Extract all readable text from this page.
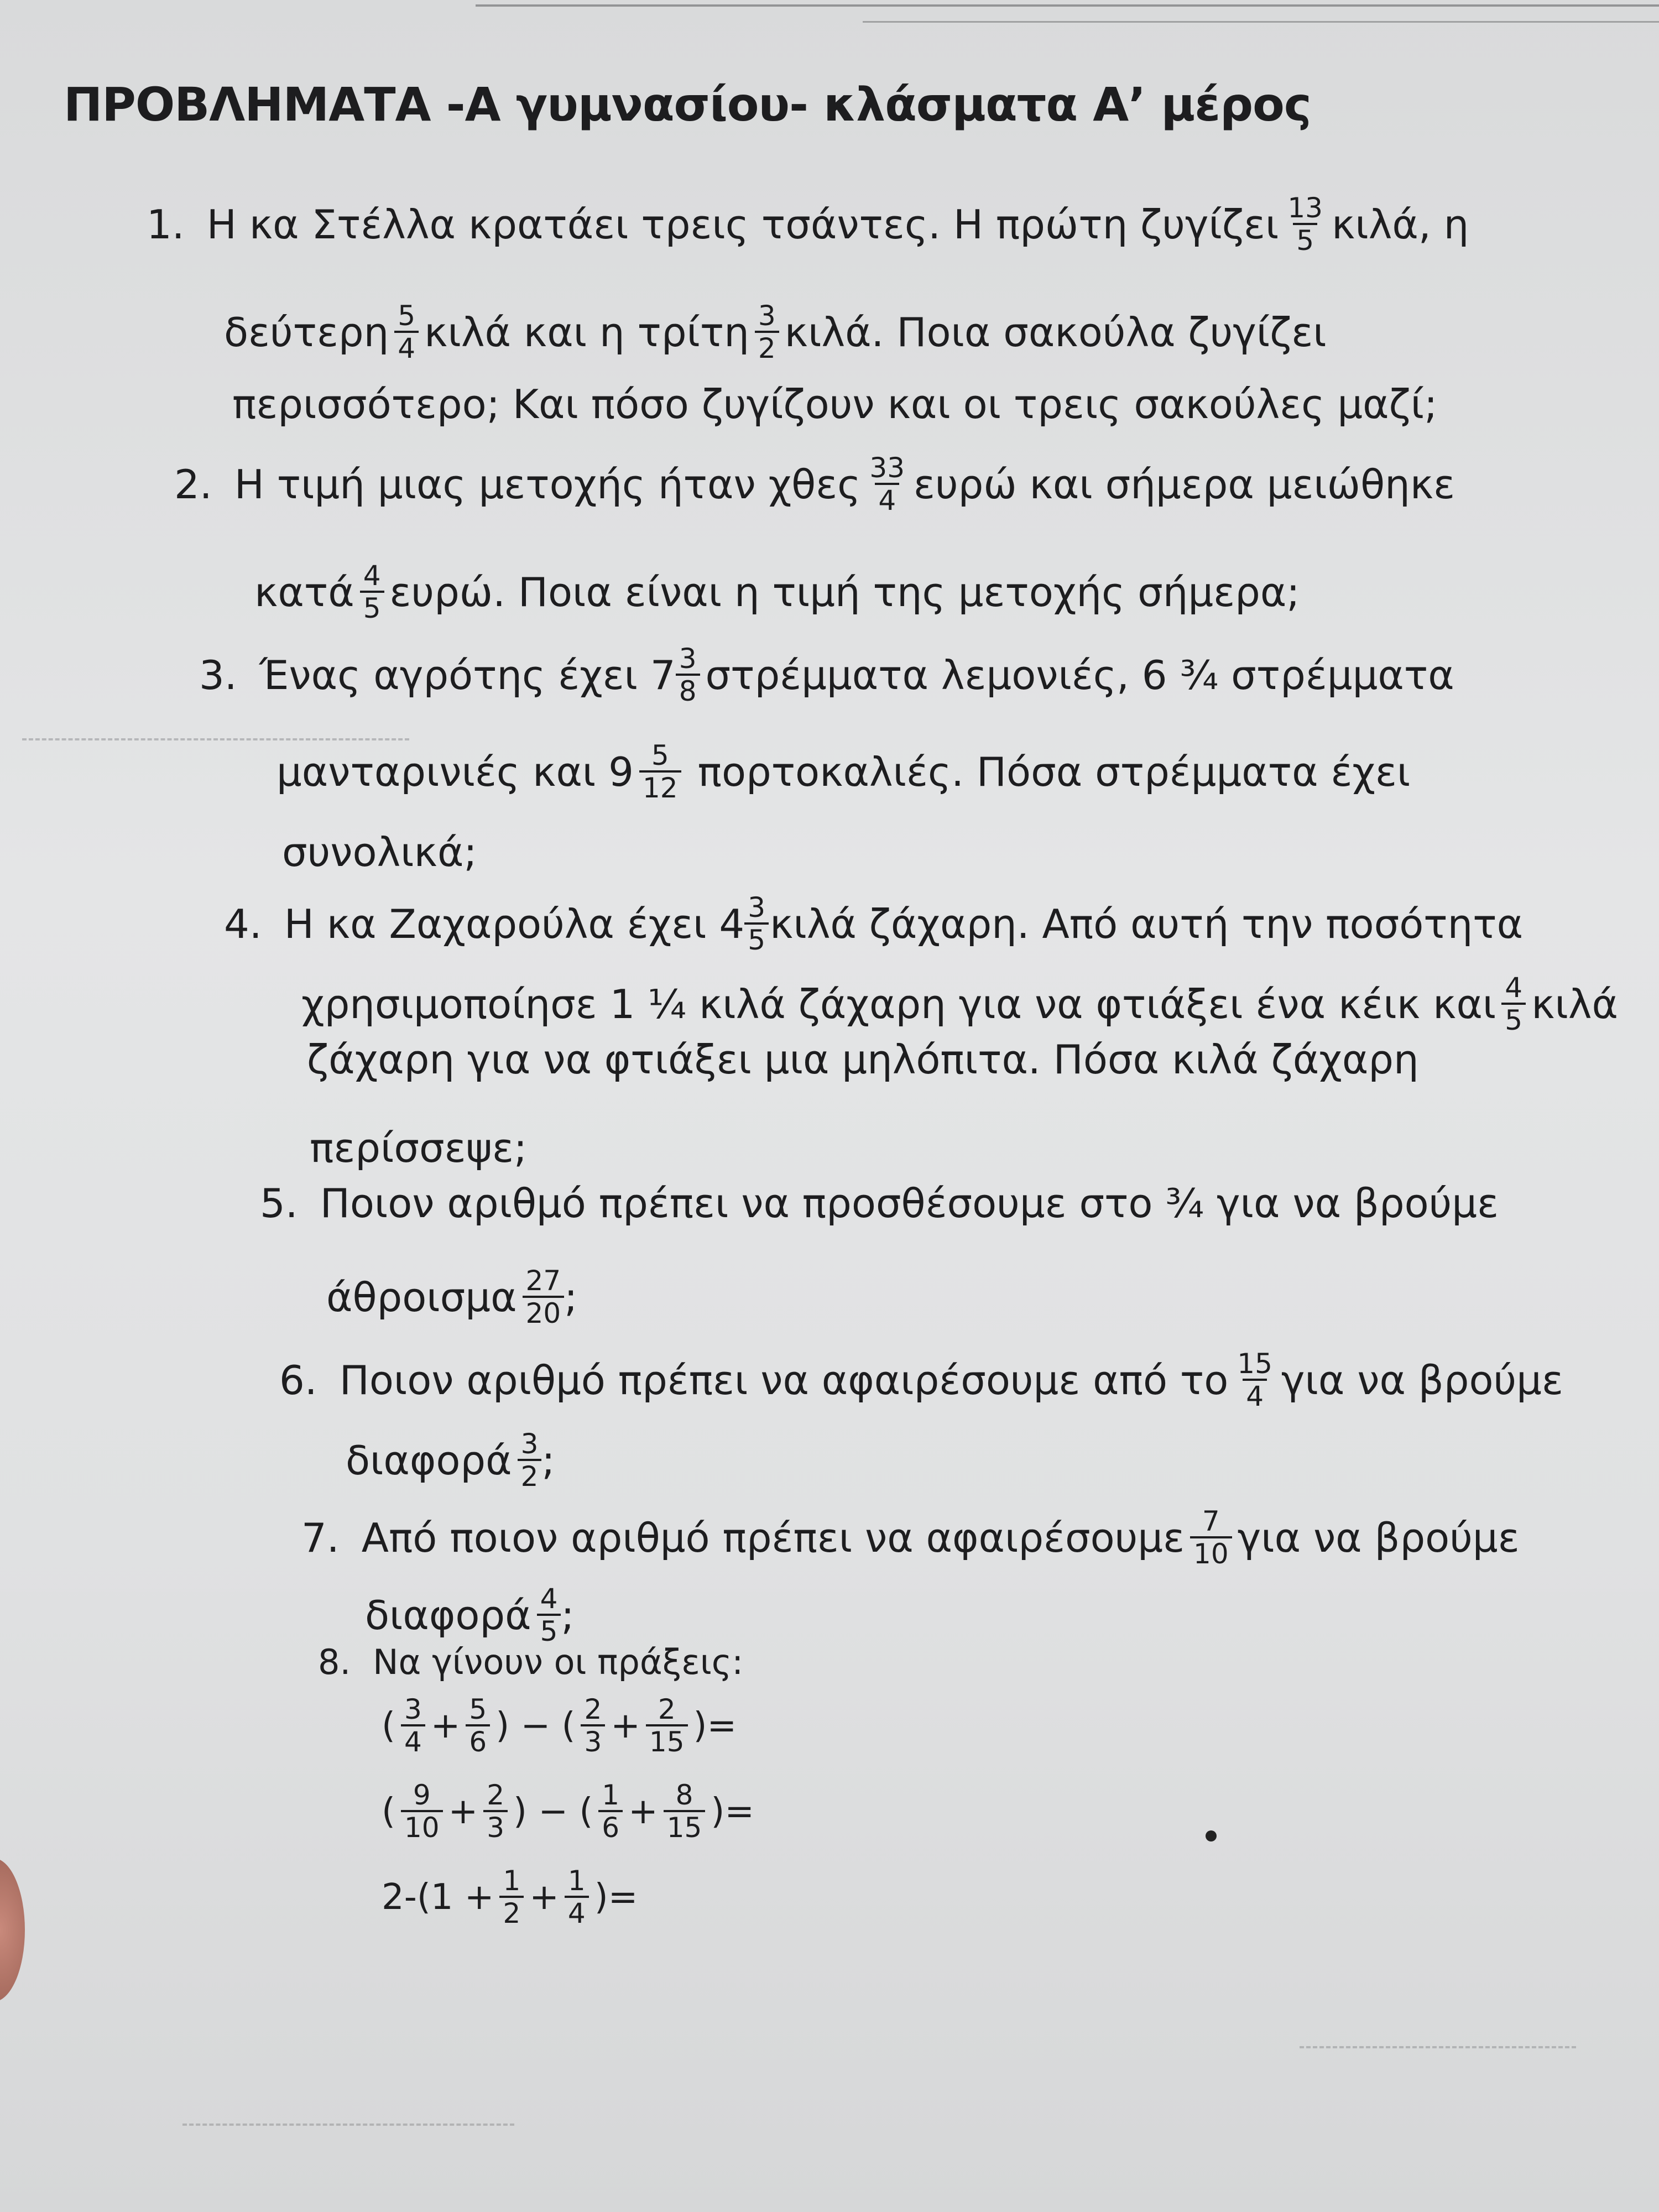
ΠΡΟΒΛΗΜΑΤΑ -Α γυμνασίου- κλάσματα Α’ μέρος
1. Η κα Στέλλα κρατάει τρεις τσάντες. Η πρώτη ζυγίζει $\frac{13}{5} \kappa\iota\lambda ά$, η
δεύτερη $\frac{5}{4}$ κιλά και η τρίτη $\frac{3}{2} \kappa\iota\lambda ά$. Ποια σακούλα ζυγίζει
περισσότερο; Και πόσο ζυγίζουν και οι τρεις σακούλες μαζί;
2. Η τιμή μιας μετοχής ήταν χθες $\frac{33}{4}$ ευρώ και σήμερα μειώθηκε
κατά $\frac{4}{5} \varepsilon\upsilon\rho ώ$. Ποια είναι η τιμή της μετοχής σήμερα;
3. Ένας αγρότης έχει $7 \frac{3}{8}$ στρέμματα λεμονιές, 6 ¾ στρέμματα
μανταρινιές και $9 \frac{5}{12} \pi o\rho\tau o\kappa\alpha\lambda\iota έ\varsigma$. Πόσα στρέμματα έχει
συνολικά;
4. Η κα Ζαχαρούλα έχει $4 \frac{3}{5}$ κιλά ζάχαρη. Από αυτή την ποσότητα
χρησιμοποίησε 1 ¼ κιλά ζάχαρη για να φτιάξει ένα κέικ και $\frac{4}{5}$ κιλά
ζάχαρη για να φτιάξει μια μηλόπιτα. Πόσα κιλά ζάχαρη
περίσσεψε;
5. Ποιον αριθμό πρέπει να προσθέσουμε στο ¾ για να βρούμε
άθροισμα $\frac{27}{20}$ ;
6. Ποιον αριθμό πρέπει να αφαιρέσουμε από το $\frac{15}{4}$ για να βρούμε
διαφορά $\frac{3}{2}$ ;
7. Από ποιον αριθμό πρέπει να αφαιρέσουμε $\frac{7}{10}$ για να βρούμε
διαφορά $\frac{4}{5}$ ;
8. Να γίνουν οι πράξεις:
( $\frac{3}{4} + \frac{5}{6}$ ) − ( $\frac{2}{3} + \frac{2}{15}$ )=
( $\frac{9}{10} + \frac{2}{3}$ ) − ( $\frac{1}{6} + \frac{8}{15}$ )=
$2-(1 + \frac{1}{2} + \frac{1}{4}$ )=
